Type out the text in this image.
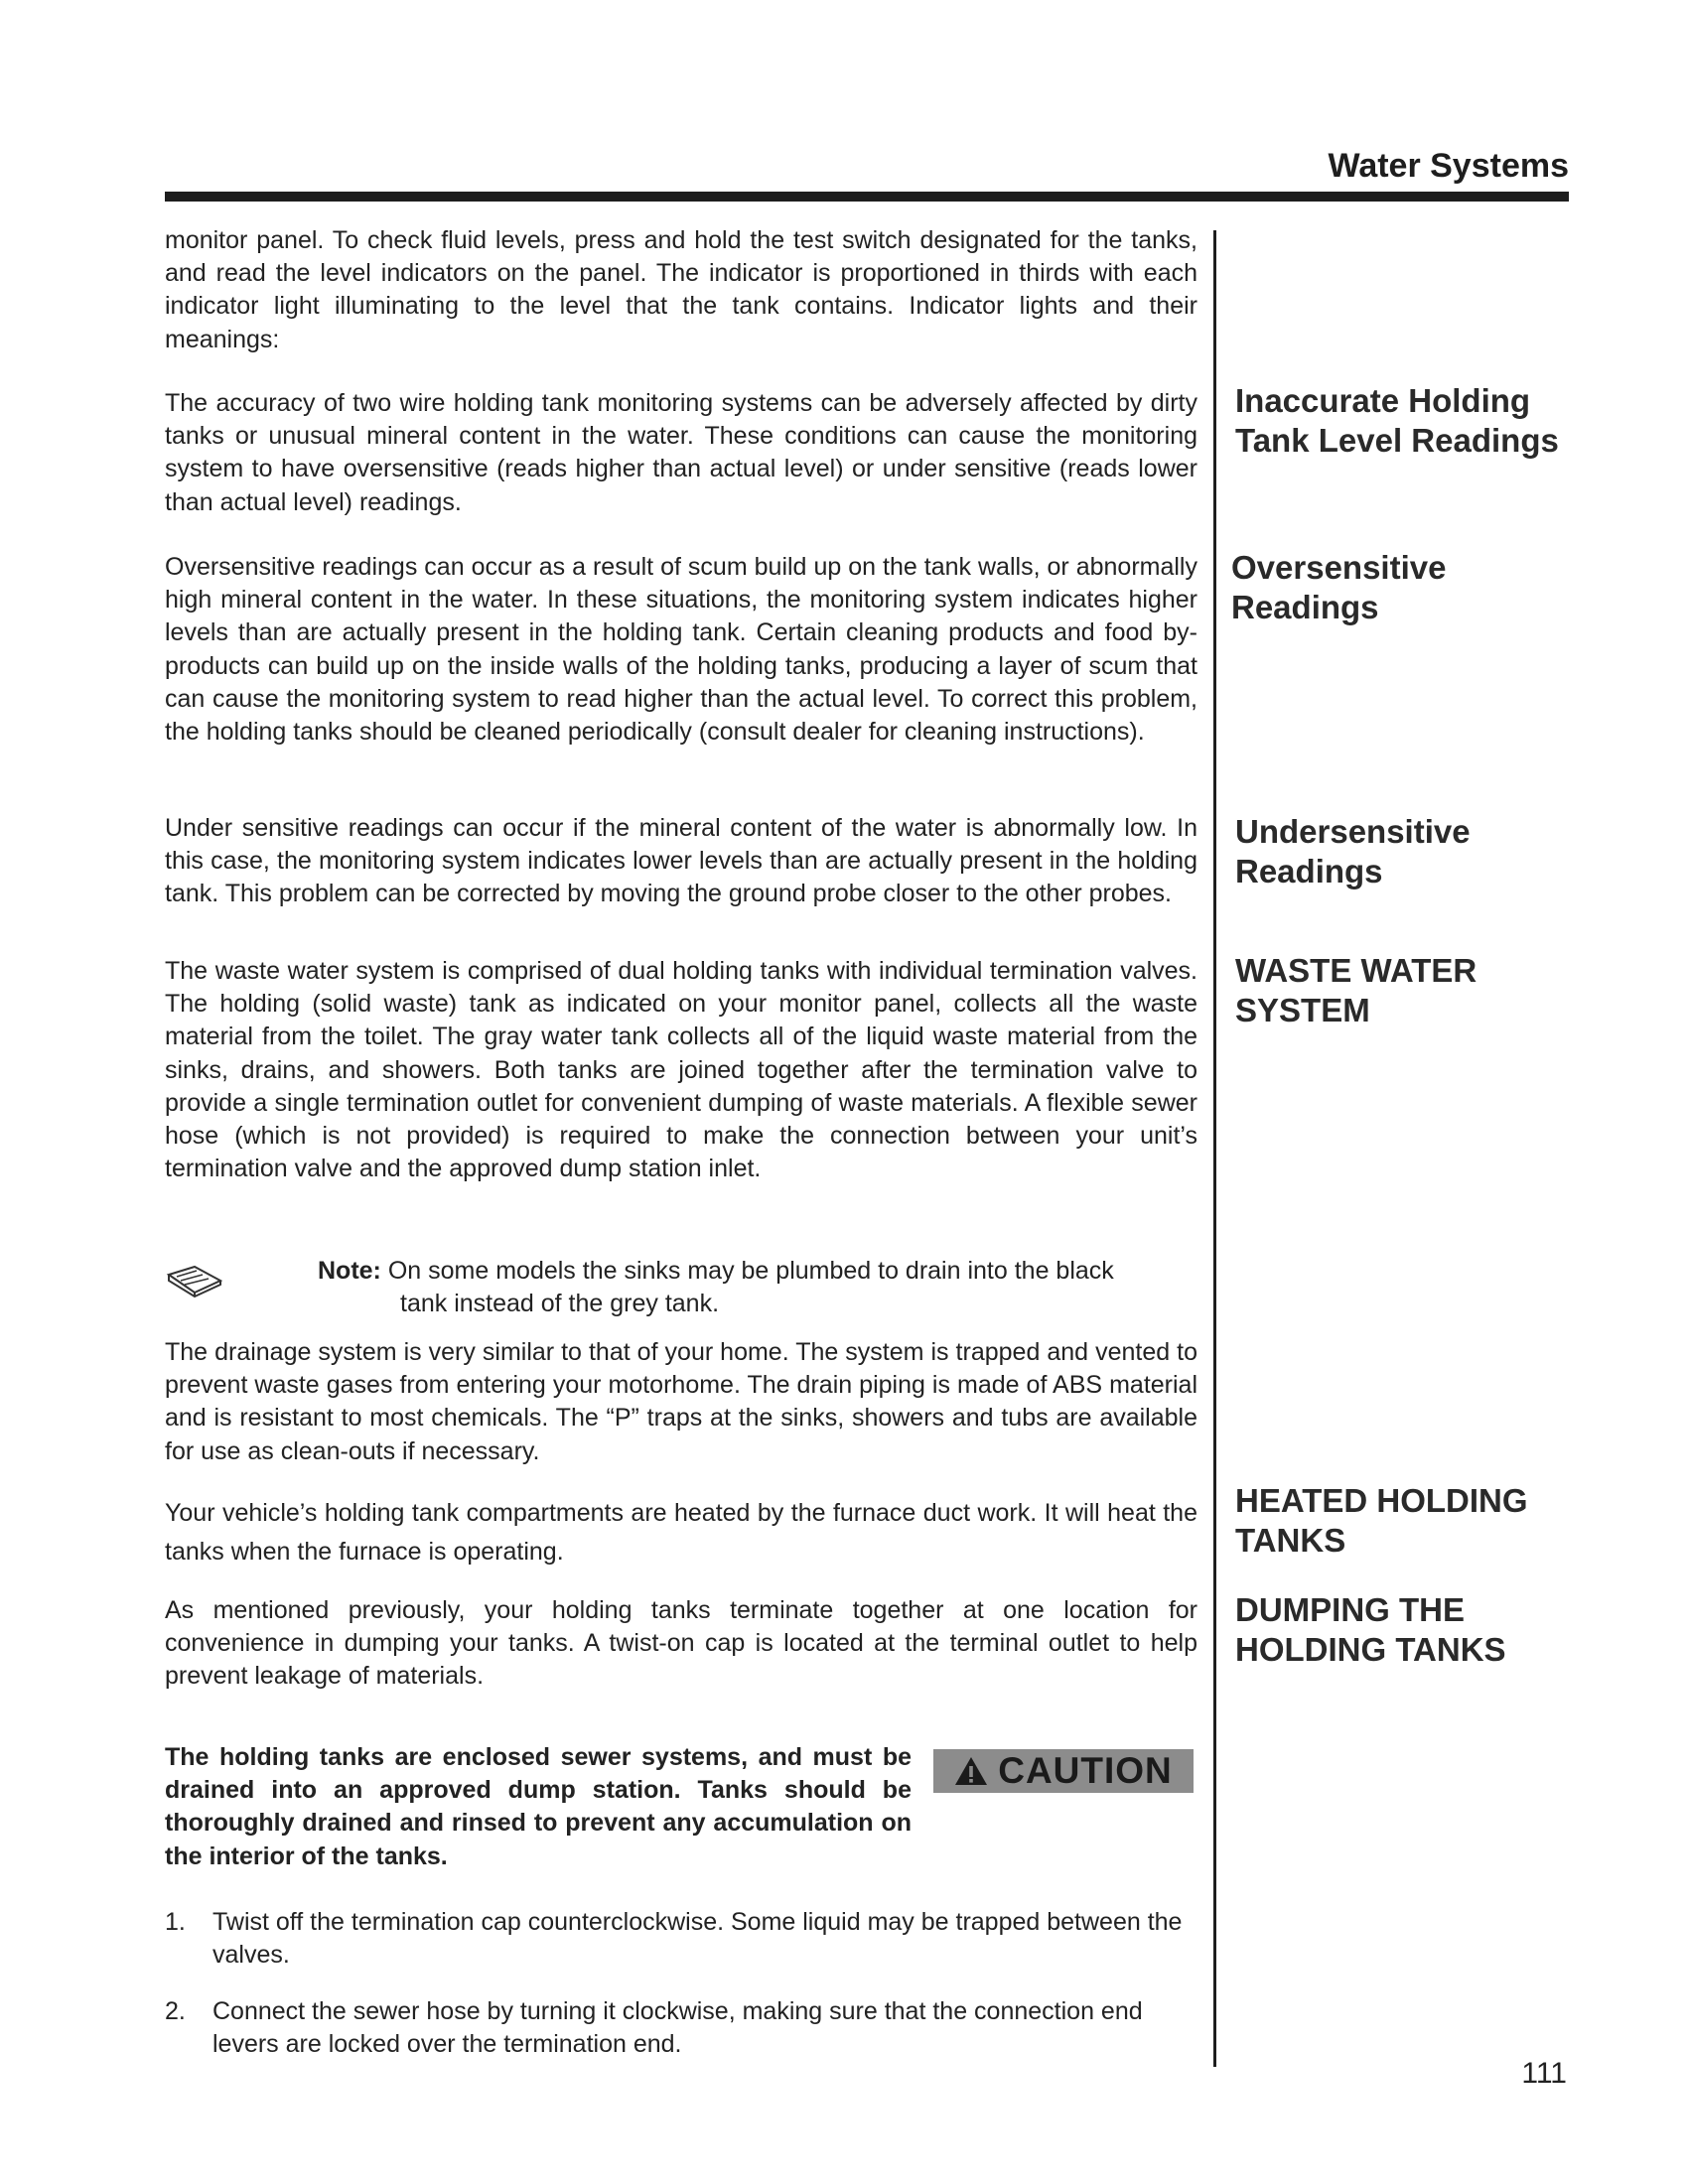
Water Systems

monitor panel. To check fluid levels, press and hold the test switch designated for the tanks, and read the level indicators on the panel. The indicator is proportioned in thirds with each indicator light illuminating to the level that the tank contains. Indicator lights and their meanings:

The accuracy of two wire holding tank monitoring systems can be adversely affected by dirty tanks or unusual mineral content in the water. These conditions can cause the monitoring system to have oversensitive (reads higher than actual level) or under sensitive (reads lower than actual level) readings.

Oversensitive readings can occur as a result of scum build up on the tank walls, or abnormally high mineral content in the water. In these situations, the monitoring system indicates higher levels than are actually present in the holding tank. Certain cleaning products and food by-products can build up on the inside walls of the holding tanks, producing a layer of scum that can cause the monitoring system to read higher than the actual level. To correct this problem, the holding tanks should be cleaned periodically (consult dealer for cleaning instructions).

Under sensitive readings can occur if the mineral content of the water is abnormally low. In this case, the monitoring system indicates lower levels than are actually present in the holding tank. This problem can be corrected by moving the ground probe closer to the other probes.

The waste water system is comprised of dual holding tanks with individual termination valves. The holding (solid waste) tank as indicated on your monitor panel, collects all the waste material from the toilet. The gray water tank collects all of the liquid waste material from the sinks, drains, and showers. Both tanks are joined together after the termination valve to provide a single termination outlet for convenient dumping of waste materials. A flexible sewer hose (which is not provided) is required to make the connection between your unit’s termination valve and the approved dump station inlet.

Note: On some models the sinks may be plumbed to drain into the black
tank instead of the grey tank.

The drainage system is very similar to that of your home. The system is trapped and vented to prevent waste gases from entering your motorhome. The drain piping is made of ABS material and is resistant to most chemicals. The “P” traps at the sinks, showers and tubs are available for use as clean-outs if necessary.

Your vehicle’s holding tank compartments are heated by the furnace duct work. It will heat the tanks when the furnace is operating.

As mentioned previously, your holding tanks terminate together at one location for convenience in dumping your tanks. A twist-on cap is located at the terminal outlet to help prevent leakage of materials.

The holding tanks are enclosed sewer systems, and must be drained into an approved dump station. Tanks should be thoroughly drained and rinsed to prevent any accumulation on the interior of the tanks.

CAUTION
1. Twist off the termination cap counterclockwise. Some liquid may be trapped between the valves.
2. Connect the sewer hose by turning it clockwise, making sure that the connection end levers are locked over the termination end.
Inaccurate Holding Tank Level Readings
Oversensitive Readings
Undersensitive Readings
WASTE WATER SYSTEM
HEATED HOLDING TANKS
DUMPING THE HOLDING TANKS

111
